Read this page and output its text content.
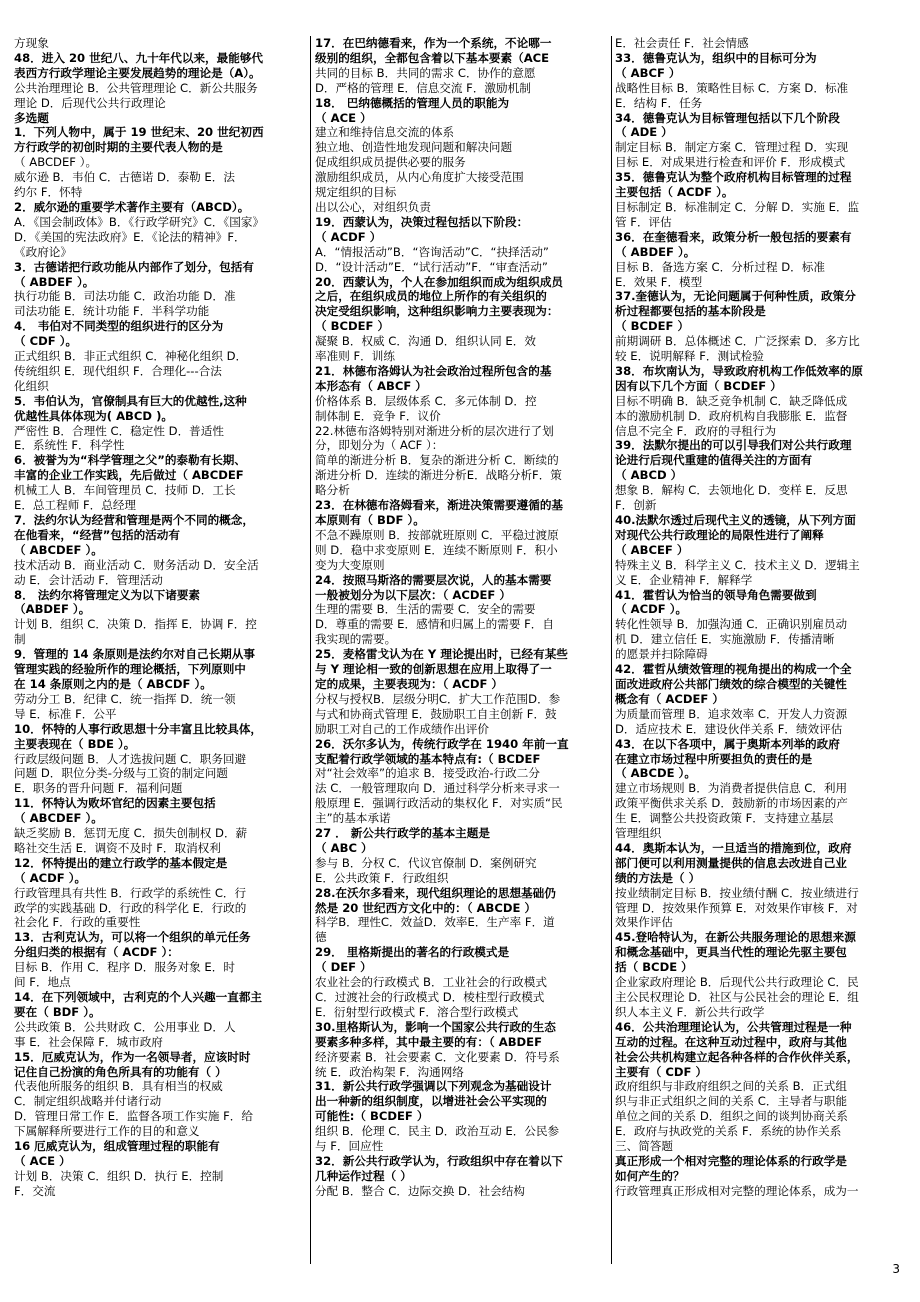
方现象
48．进入 20 世纪八、九十年代以来，最能够代
表西方行政学理论主要发展趋势的理论是（A）。
公共治理理论 B．公共管理理论 C．新公共服务
理论 D．后现代公共行政理论
多选题
1．下列人物中，属于 19 世纪末、20 世纪初西
方行政学的初创时期的主要代表人物的是
（ ABCDEF ）。
威尔逊 B．韦伯 C．古德诺 D．泰勒 E．法
约尔 F．怀特
2．威尔逊的重要学术著作主要有（ABCD）。
A．《国会制政体》B．《行政学研究》C．《国家》
D．《美国的宪法政府》E．《论法的精神》F．
《政府论》
3．古德诺把行政功能从内部作了划分，包括有
（ ABDEF ）。
执行功能 B．司法功能 C．政治功能 D．准
司法功能 E．统计功能 F．半科学功能
4． 韦伯对不同类型的组织进行的区分为
（ CDF ）。
正式组织 B．非正式组织 C．神秘化组织 D．
传统组织 E．现代组织 F．合理化---合法
化组织
5．韦伯认为，官僚制具有巨大的优越性,这种
优越性具体体现为( ABCD )。
严密性 B．合理性 C．稳定性 D．普适性
E．系统性 F．科学性
6．被誉为为“科学管理之父”的泰勒有长期、
丰富的企业工作实践，先后做过（ ABCDEF
机械工人 B．车间管理员 C．技师 D．工长
E．总工程师 F．总经理
7．法约尔认为经营和管理是两个不同的概念，
在他看来，“经营”包括的活动有
（ ABCDEF ）。
技术活动 B．商业活动 C．财务活动 D．安全活
动 E．会计活动 F．管理活动
8． 法约尔将管理定义为以下诸要素
（ABDEF ）。
计划 B．组织 C．决策 D．指挥 E．协调 F．控
制
9．管理的 14 条原则是法约尔对自己长期从事
管理实践的经验所作的理论概括，下列原则中
在 14 条原则之内的是（ ABCDF ）。
劳动分工 B．纪律 C．统一指挥 D．统一领
导 E．标准 F．公平
10．怀特的人事行政思想十分丰富且比较具体，
主要表现在（ BDE ）。
行政层级问题 B．人才选拔问题 C．职务回避
问题 D．职位分类-分级与工资的制定问题
E．职务的晋升问题 F．福利问题
11．怀特认为败坏官纪的因素主要包括
（ ABCDEF ）。
缺乏奖励 B．惩罚无度 C．损失创制权 D．薪
略社交生活 E．调资不及时 F．取消权利
12．怀特提出的建立行政学的基本假定是
（ ACDF ）。
行政管理具有共性 B．行政学的系统性 C．行
政学的实践基础 D．行政的科学化 E．行政的
社会化 F．行政的重要性
13．古利克认为，可以将一个组织的单元任务
分组归类的根据有（ ACDF ）：
目标 B．作用 C．程序 D．服务对象 E．时
间 F．地点
14．在下列领域中，古利克的个人兴趣一直都主
要在（ BDF ）。
公共政策 B．公共财政 C．公用事业 D．人
事 E．社会保障 F．城市政府
15．厄威克认为，作为一名领导者，应该时时
记住自己扮演的角色所具有的功能有（ ）
代表他所服务的组织 B．具有相当的权威
C．制定组织战略并付诸行动
D．管理日常工作 E．监督各项工作实施 F．给
下属解释所要进行工作的目的和意义
16 厄威克认为，组成管理过程的职能有
（ ACE ）
计划 B．决策 C．组织 D．执行 E．控制
F．交流
17．在巴纳德看来，作为一个系统，不论哪一
级别的组织，全都包含着以下基本要素（ACE
共同的目标 B．共同的需求 C．协作的意愿
D．严格的管理 E．信息交流 F．激励机制
18． 巴纳德概括的管理人员的职能为
（ ACE ）
建立和维持信息交流的体系
独立地、创造性地发现问题和解决问题
促成组织成员提供必要的服务
激励组织成员，从内心角度扩大接受范围
规定组织的目标
出以公心，对组织负责
19．西蒙认为，决策过程包括以下阶段：
（ ACDF ）
A．“情报活动”B．“咨询活动”C．“抉择活动”
D．“设计活动”E．“试行活动”F．“审查活动”
20．西蒙认为，个人在参加组织而成为组织成员
之后，在组织成员的地位上所作的有关组织的
决定受组织影响，这种组织影响力主要表现为：
（ BCDEF ）
凝聚 B．权威 C．沟通 D．组织认同 E．效
率准则 F．训练
21．林德布洛姆认为社会政治过程所包含的基
本形态有（ ABCF ）
价格体系 B．层级体系 C．多元体制 D．控
制体制 E．竞争 F．议价
22.林德布洛姆特别对渐进分析的层次进行了划
分，即划分为（ ACF ）：
简单的渐进分析 B．复杂的渐进分析 C．断续的
渐进分析 D．连续的渐进分析E．战略分析F．策
略分析
23．在林德布洛姆看来，渐进决策需要遵循的基
本原则有（ BDF ）。
不急不躁原则 B．按部就班原则 C．平稳过渡原
则 D．稳中求变原则 E．连续不断原则 F．积小
变为大变原则
24．按照马斯洛的需要层次说，人的基本需要
一般被划分为以下层次：（ ACDEF ）
生理的需要 B．生活的需要 C．安全的需要
D．尊重的需要 E．感情和归属上的需要 F．自
我实现的需要。
25．麦格雷戈认为在 Y 理论提出时，已经有某些
与 Y 理论相一致的创新思想在应用上取得了一
定的成果，主要表现为：（ ACDF ）
分权与授权B．层级分明C．扩大工作范围D．参
与式和协商式管理 E．鼓励职工自主创新 F．鼓
励职工对自己的工作成绩作出评价
26．沃尔多认为，传统行政学在 1940 年前一直
支配着行政学领域的基本特点有:（ BCDEF
对“社会效率”的追求 B．接受政治-行政二分
法 C．一般管理取向 D．通过科学分析来寻求一
般原理 E．强调行政活动的集权化 F．对实质“民
主”的基本承诺
27 ． 新公共行政学的基本主题是
（ ABC ）
参与 B．分权 C．代议官僚制 D．案例研究
E．公共政策 F．行政组织
28.在沃尔多看来，现代组织理论的思想基础仍
然是 20 世纪西方文化中的：（ ABCDE ）
科学B．理性C．效益D．效率E．生产率 F．道
德
29． 里格斯提出的著名的行政模式是
（ DEF ）
农业社会的行政模式 B．工业社会的行政模式
C．过渡社会的行政模式 D．棱柱型行政模式
E．衍射型行政模式 F．溶合型行政模式
30.里格斯认为，影响一个国家公共行政的生态
要素多种多样，其中最主要的有：（ ABDEF
经济要素 B．社会要素 C．文化要素 D．符号系
统 E．政治构架 F．沟通网络
31．新公共行政学强调以下列观念为基础设计
出一种新的组织制度，以增进社会公平实现的
可能性:（ BCDEF ）
组织 B．伦理 C．民主 D．政治互动 E．公民参
与 F．回应性
32．新公共行政学认为，行政组织中存在着以下
几种运作过程（ ）
分配 B．整合 C．边际交换 D．社会结构
E．社会责任 F．社会情感
33．德鲁克认为，组织中的目标可分为
（ ABCF ）
战略性目标 B．策略性目标 C．方案 D．标准
E．结构 F．任务
34．德鲁克认为目标管理包括以下几个阶段
（ ADE ）
制定目标 B．制定方案 C．管理过程 D．实现
目标 E．对成果进行检查和评价 F．形成模式
35．德鲁克认为整个政府机构目标管理的过程
主要包括（ ACDF ）。
目标制定 B．标准制定 C．分解 D．实施 E．监
管 F．评估
36．在奎德看来，政策分析一般包括的要素有
（ ABDEF ）。
目标 B．备选方案 C．分析过程 D．标准
E．效果 F．模型
37.奎德认为，无论问题属于何种性质，政策分
析过程都要包括的基本阶段是
（ BCDEF ）
前期调研 B．总体概述 C．广泛探索 D．多方比
较 E．说明解释 F．测试检验
38．布坎南认为，导致政府机构工作低效率的原
因有以下几个方面（ BCDEF ）
目标不明确 B．缺乏竞争机制 C．缺乏降低成
本的激励机制 D．政府机构自我膨胀 E．监督
信息不完全 F．政府的寻租行为
39．法默尔提出的可以引导我们对公共行政理
论进行后现代重建的值得关注的方面有
（ ABCD ）
想象 B．解构 C．去领地化 D．变样 E．反思
F．创新
40.法默尔透过后现代主义的透镜，从下列方面
对现代公共行政理论的局限性进行了阐释
（ ABCEF ）
特殊主义 B．科学主义 C．技术主义 D．逻辑主
义 E．企业精神 F．解释学
41．霍哲认为恰当的领导角色需要做到
（ ACDF ）。
转化性领导 B．加强沟通 C．正确识别雇员动
机 D．建立信任 E．实施激励 F．传播清晰
的愿景并扫除障碍
42．霍哲从绩效管理的视角提出的构成一个全
面改进政府公共部门绩效的综合模型的关键性
概念有（ ACDEF ）
为质量而管理 B．追求效率 C．开发人力资源
D．适应技术 E．建设伙伴关系 F．绩效评估
43．在以下各项中，属于奥斯本列举的政府
在建立市场过程中所要担负的责任的是
（ ABCDE ）。
建立市场规则 B．为消费者提供信息 C．利用
政策平衡供求关系 D．鼓励新的市场因素的产
生 E．调整公共投资政策 F．支持建立基层
管理组织
44．奥斯本认为，一旦适当的措施到位，政府
部门便可以利用测量提供的信息去改进自己业
绩的方法是（ ）
按业绩制定目标 B．按业绩付酬 C．按业绩进行
管理 D．按效果作预算 E．对效果作审核 F．对
效果作评估
45.登哈特认为，在新公共服务理论的思想来源
和概念基础中，更具当代性的理论先驱主要包
括（ BCDE ）
企业家政府理论 B．后现代公共行政理论 C．民
主公民权理论 D．社区与公民社会的理论 E．组
织人本主义 F．新公共行政学
46．公共治理理论认为，公共管理过程是一种
互动的过程。在这种互动过程中，政府与其他
社会公共机构建立起各种各样的合作伙伴关系，
主要有（ CDF ）
政府组织与非政府组织之间的关系 B．正式组
织与非正式组织之间的关系 C．主导者与职能
单位之间的关系 D．组织之间的谈判协商关系
E．政府与执政党的关系 F．系统的协作关系
三、简答题
真正形成一个相对完整的理论体系的行政学是
如何产生的？
行政管理真正形成相对完整的理论体系，成为一
3
